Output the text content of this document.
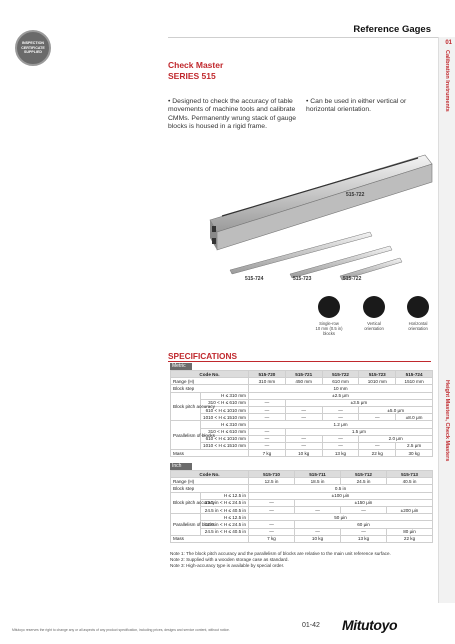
Reference Gages
01
Calibration Instruments
Height Masters, Check Masters
INSPECTION
CERTIFICATE
SUPPLIED
Check Master
SERIES 515
• Designed to check the accuracy of table movements of machine tools and calibrate CMMs. Permanently wrung stack of gauge blocks is housed in a rigid frame.
• Can be used in either vertical or horizontal orientation.
515-722
515-724	515-723	515-722
Single-row
10 mm (0.5 in) blocks
Vertical
orientation
Horizontal
orientation
SPECIFICATIONS
Metric
Code No.		515-720	515-721	515-722	515-723	515-724
Range (H)		310 mm	450 mm	610 mm	1010 mm	1510 mm
Block step		10 mm				
Block pitch accuracy	H ≤ 310 mm	±2.5 μm				
	310 < H ≤ 610 mm	—	±3.5 μm			
	610 < H ≤ 1010 mm	—	—	—	±5.0 μm	
	1010 < H ≤ 1510 mm	—	—	—	—	±8.0 μm
Parallelism of blocks	H ≤ 310 mm	1.2 μm				
	310 < H ≤ 610 mm	—	1.5 μm			
	610 < H ≤ 1010 mm	—	—	—	2.0 μm	
	1010 < H ≤ 1510 mm	—	—	—	—	2.5 μm
Mass		7 kg	10 kg	13 kg	22 kg	30 kg
Inch
Code No.		515-710	515-711	515-712	515-713
Range (H)		12.5 in	18.5 in	24.5 in	40.5 in
Block step		0.5 in			
Block pitch accuracy	H ≤ 12.5 in	±100 μin			
	12.5 in < H ≤ 24.5 in	—	±150 μin		
	24.5 in < H ≤ 40.5 in	—	—	—	±200 μin
Parallelism of blocks	H ≤ 12.5 in	50 μin			
	12.5 in < H ≤ 24.5 in	—	60 μin		
	24.5 in < H ≤ 40.5 in	—	—	—	80 μin
Mass		7 kg	10 kg	13 kg	22 kg
Note 1: The block pitch accuracy and the parallelism of blocks are relative to the main unit reference surface.
Note 2: Supplied with a wooden storage case as standard.
Note 3: High-accuracy type is available by special order.
Mitutoyo reserves the right to change any or all aspects of any product specification, including prices, designs and service content, without notice.
01-42 Mitutoyo
